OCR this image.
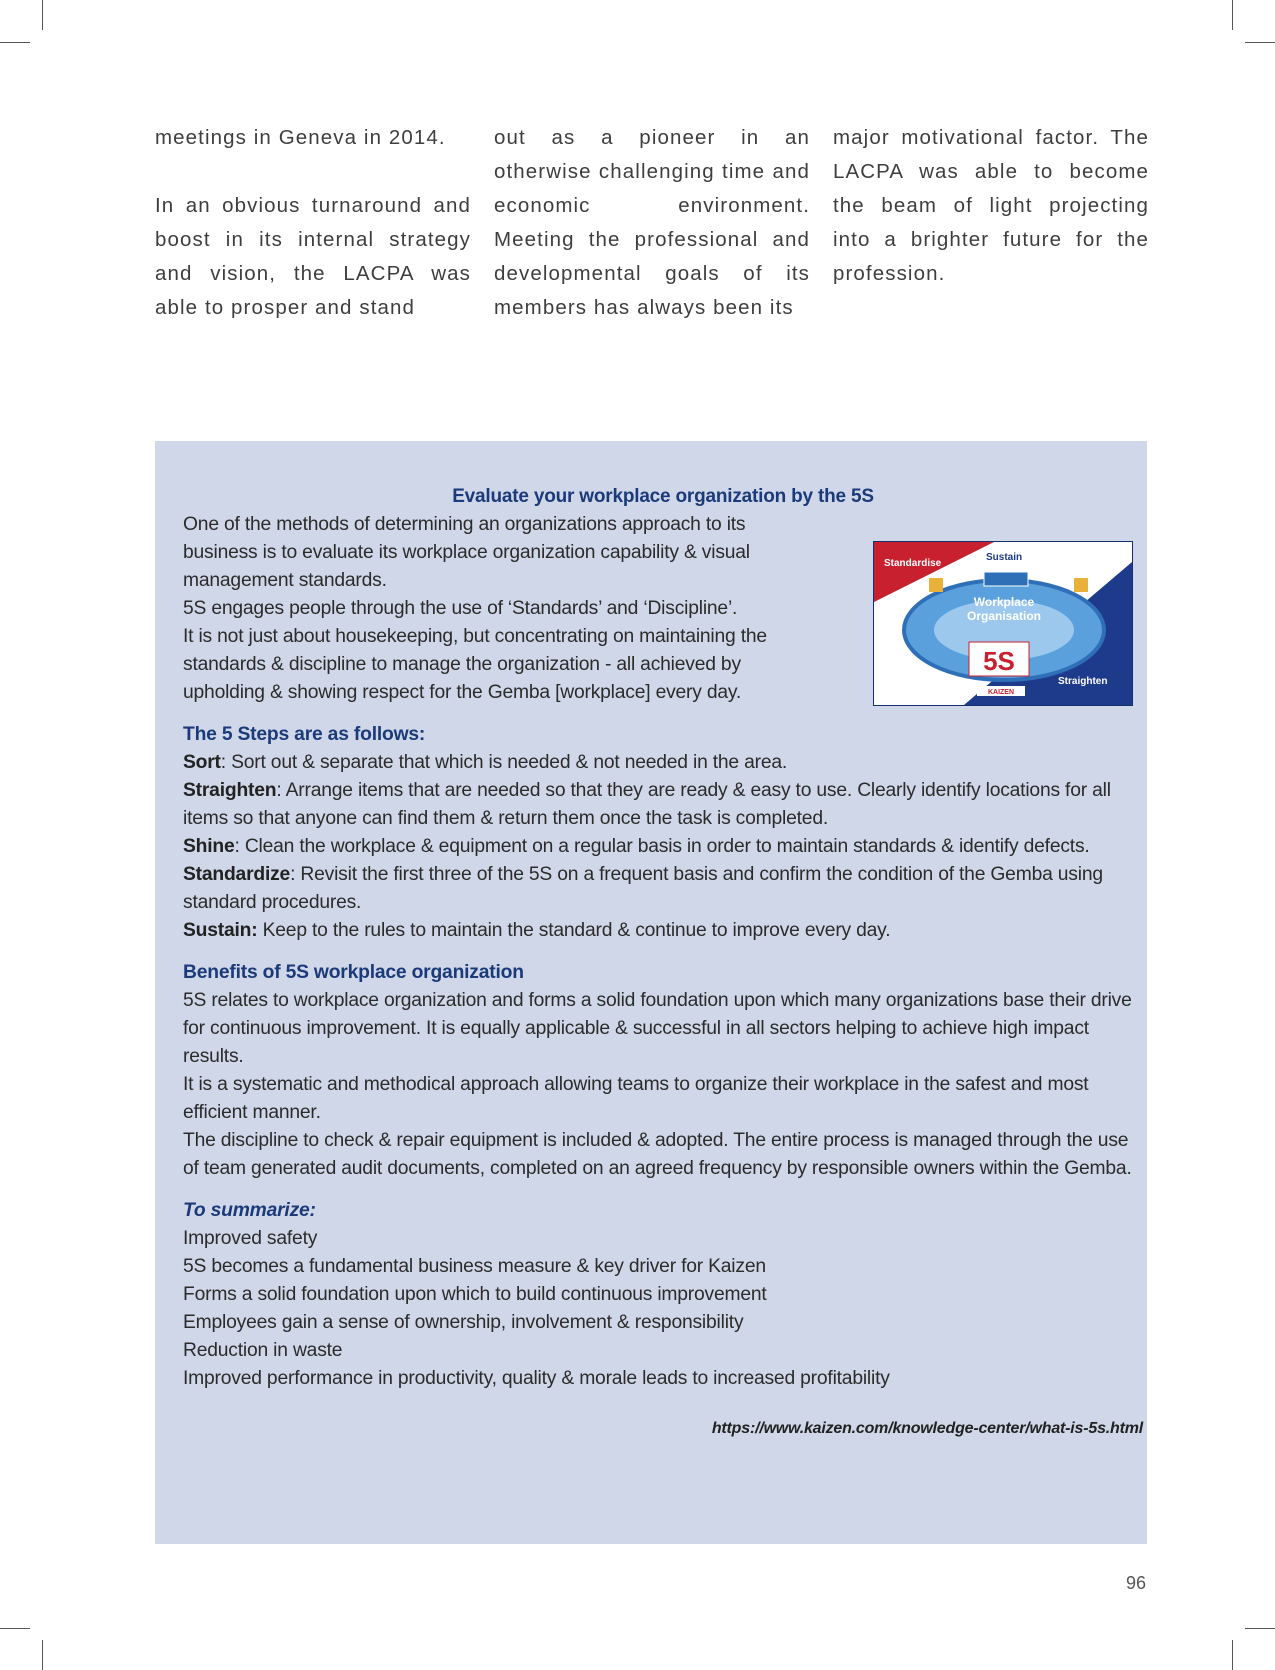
meetings in Geneva in 2014.

In an obvious turnaround and boost in its internal strategy and vision, the LACPA was able to prosper and stand

out as a pioneer in an otherwise challenging time and economic environment. Meeting the professional and developmental goals of its members has always been its

major motivational factor. The LACPA was able to become the beam of light projecting into a brighter future for the profession.

Evaluate your workplace organization by the 5S

One of the methods of determining an organizations approach to its business is to evaluate its workplace organization capability & visual management standards.

5S engages people through the use of ‘Standards’ and ‘Discipline’.

It is not just about housekeeping, but concentrating on maintaining the standards & discipline to manage the organization - all achieved by upholding & showing respect for the Gemba [workplace] every day.

The 5 Steps are as follows:

Sort: Sort out & separate that which is needed & not needed in the area.

Straighten: Arrange items that are needed so that they are ready & easy to use. Clearly identify locations for all items so that anyone can find them & return them once the task is completed.

Shine: Clean the workplace & equipment on a regular basis in order to maintain standards & identify defects.

Standardize: Revisit the first three of the 5S on a frequent basis and confirm the condition of the Gemba using standard procedures.

Sustain: Keep to the rules to maintain the standard & continue to improve every day.

Benefits of 5S workplace organization

5S relates to workplace organization and forms a solid foundation upon which many organizations base their drive for continuous improvement. It is equally applicable & successful in all sectors helping to achieve high impact results.

It is a systematic and methodical approach allowing teams to organize their workplace in the safest and most efficient manner.

The discipline to check & repair equipment is included & adopted. The entire process is managed through the use of team generated audit documents, completed on an agreed frequency by responsible owners within the Gemba.

To summarize:

Improved safety

5S becomes a fundamental business measure & key driver for Kaizen

Forms a solid foundation upon which to build continuous improvement

Employees gain a sense of ownership, involvement & responsibility

Reduction in waste

Improved performance in productivity, quality & morale leads to increased profitability

https://www.kaizen.com/knowledge-center/what-is-5s.html

5S
Workplace
Organisation
Standardise
Sustain
Sort
Shine	Straighten
KAIZEN
96
